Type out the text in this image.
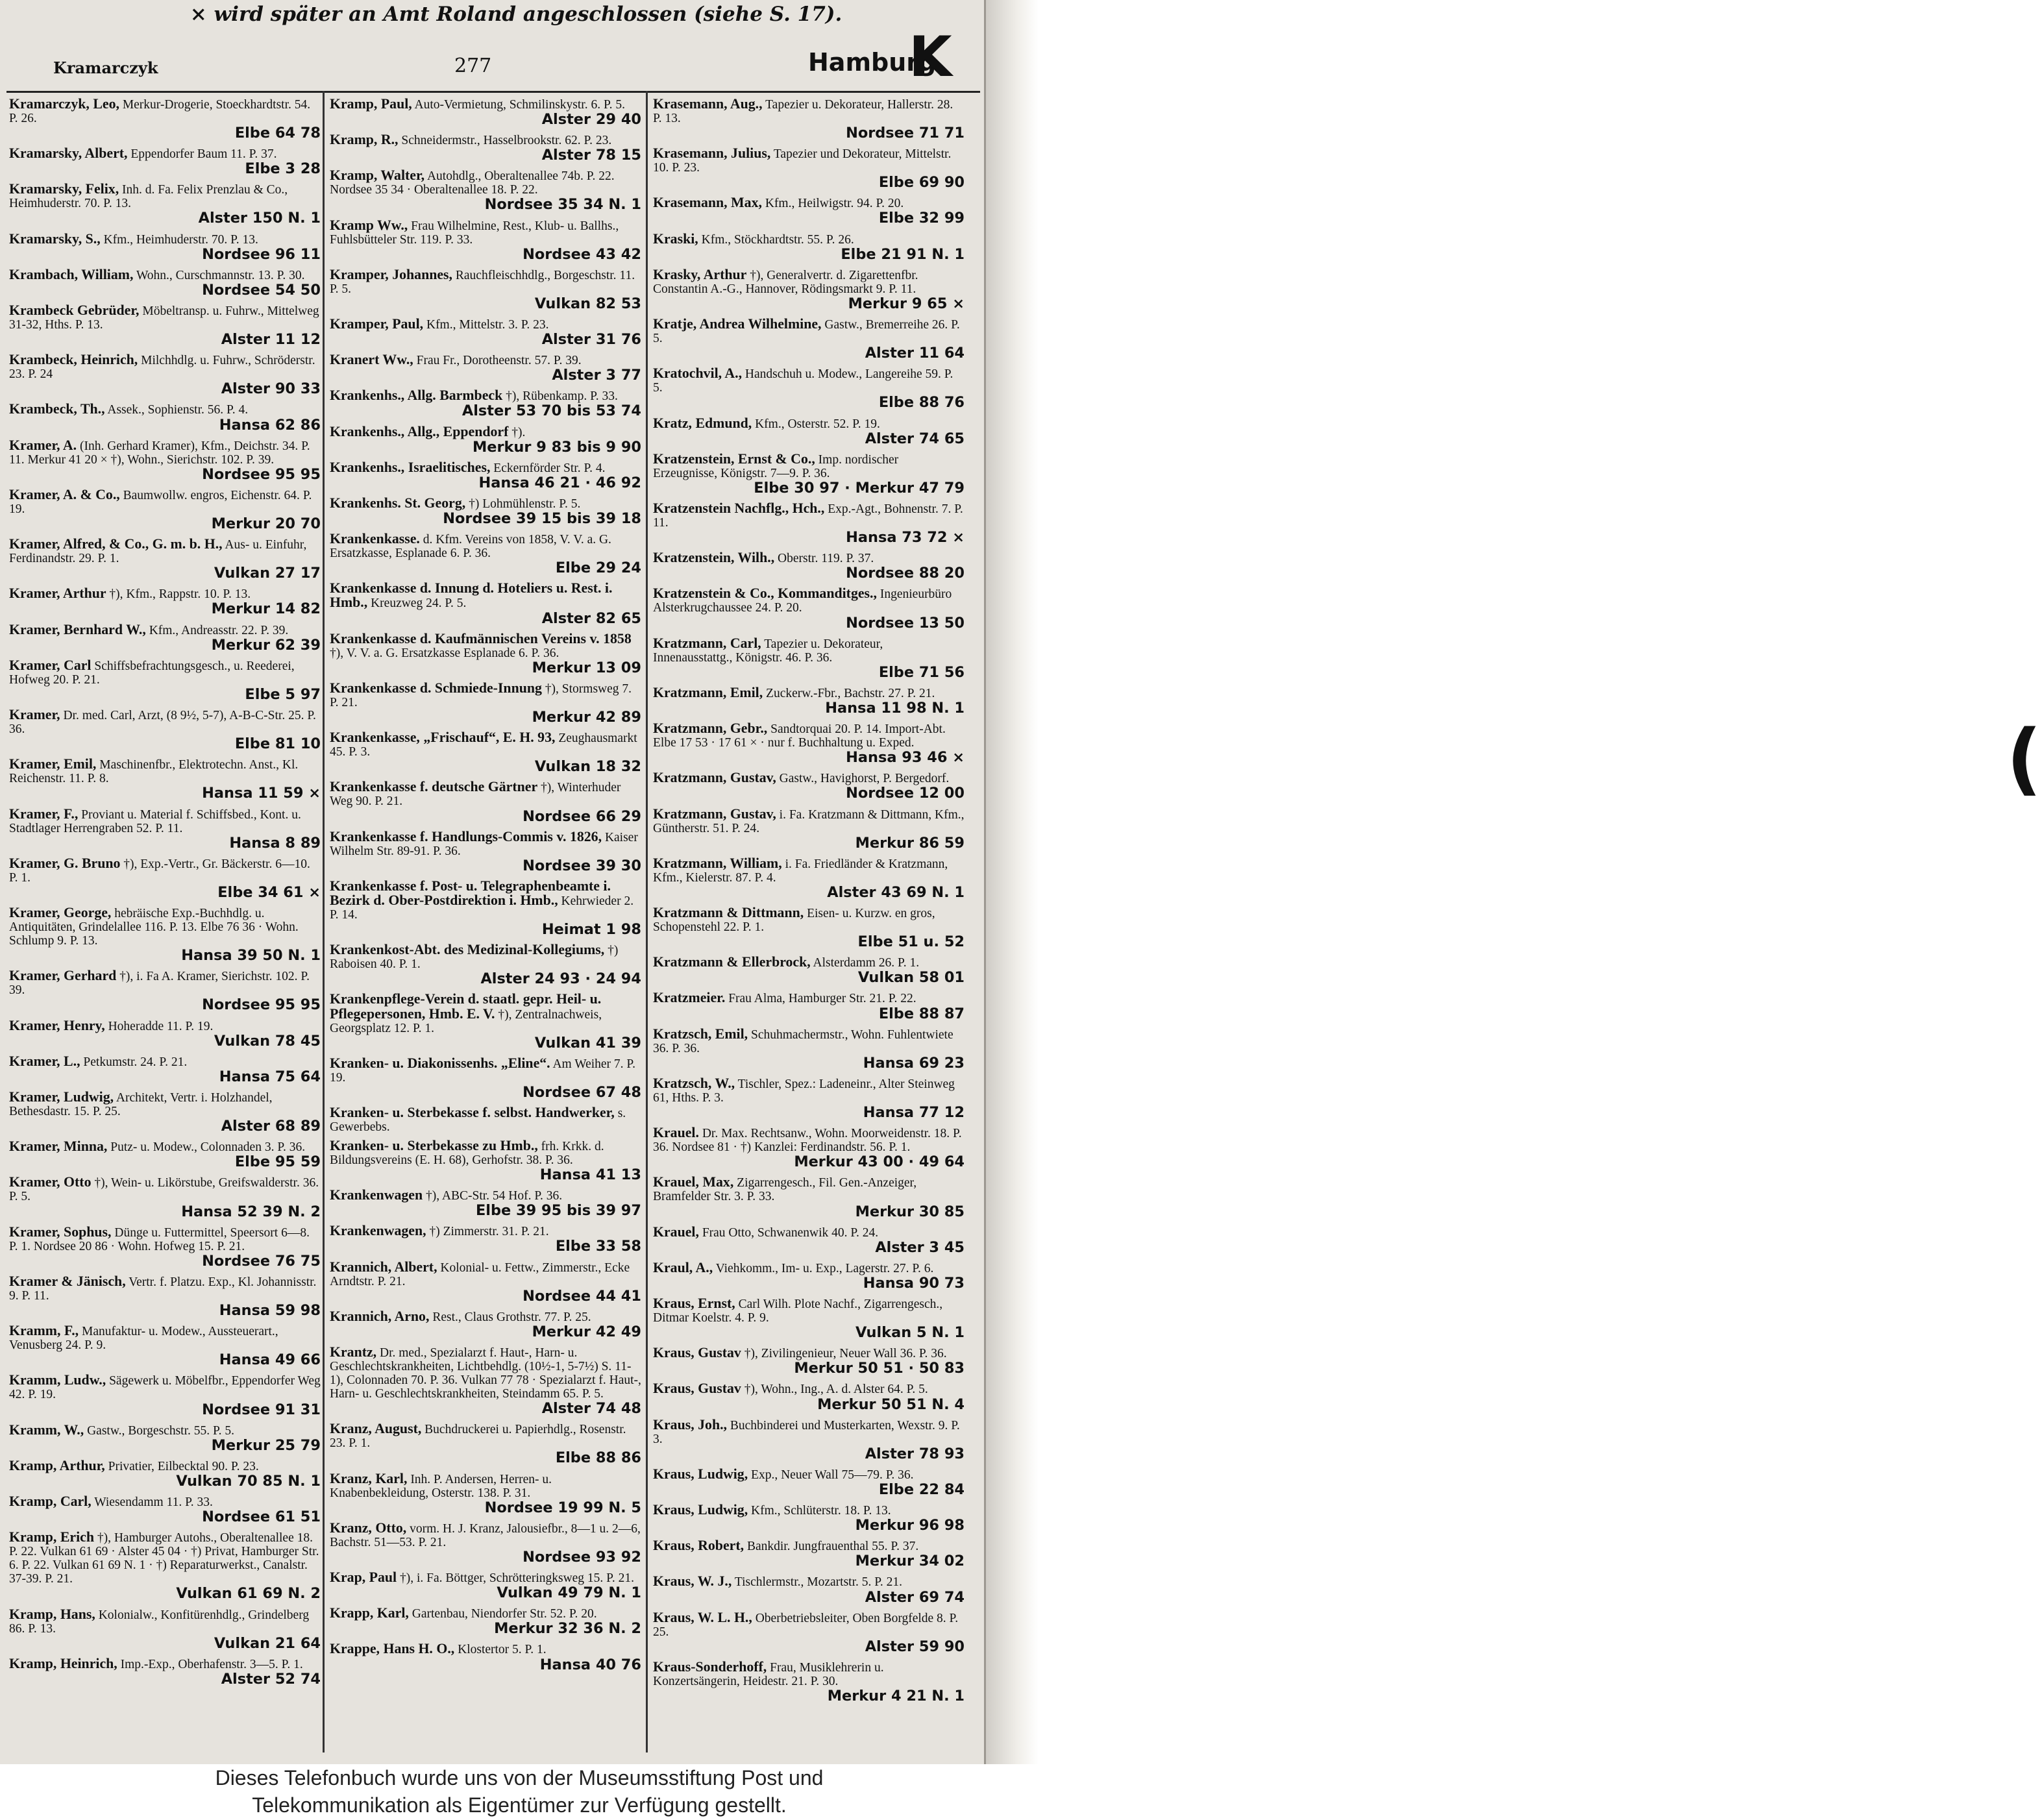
× wird später an Amt Roland angeschlossen (siehe S. 17).
Kramarczyk	277	Hamburg
K

Kramarczyk, Leo, Merkur-Drogerie, Stoeckhardtstr. 54. P. 26.
Elbe 64 78

Kramarsky, Albert, Eppendorfer Baum 11. P. 37.
Elbe 3 28

Kramarsky, Felix, Inh. d. Fa. Felix Prenzlau & Co., Heimhuderstr. 70. P. 13.
Alster 150 N. 1

Kramarsky, S., Kfm., Heimhuderstr. 70. P. 13.
Nordsee 96 11

Krambach, William, Wohn., Curschmannstr. 13. P. 30.
Nordsee 54 50

Krambeck Gebrüder, Möbeltransp. u. Fuhrw., Mittelweg 31-32, Hths. P. 13.
Alster 11 12

Krambeck, Heinrich, Milchhdlg. u. Fuhrw., Schröderstr. 23. P. 24
Alster 90 33

Krambeck, Th., Assek., Sophienstr. 56. P. 4.
Hansa 62 86

Kramer, A. (Inh. Gerhard Kramer), Kfm., Deichstr. 34. P. 11. Merkur 41 20 × †), Wohn., Sierichstr. 102. P. 39.
Nordsee 95 95

Kramer, A. & Co., Baumwollw. engros, Eichenstr. 64. P. 19.
Merkur 20 70

Kramer, Alfred, & Co., G. m. b. H., Aus- u. Einfuhr, Ferdinandstr. 29. P. 1.
Vulkan 27 17

Kramer, Arthur †), Kfm., Rappstr. 10. P. 13.
Merkur 14 82

Kramer, Bernhard W., Kfm., Andreasstr. 22. P. 39.
Merkur 62 39

Kramer, Carl Schiffsbefrachtungsgesch., u. Reederei, Hofweg 20. P. 21.
Elbe 5 97

Kramer, Dr. med. Carl, Arzt, (8 9½, 5-7), A-B-C-Str. 25. P. 36.
Elbe 81 10

Kramer, Emil, Maschinenfbr., Elektrotechn. Anst., Kl. Reichenstr. 11. P. 8.
Hansa 11 59 ×

Kramer, F., Proviant u. Material f. Schiffsbed., Kont. u. Stadtlager Herrengraben 52. P. 11.
Hansa 8 89

Kramer, G. Bruno †), Exp.-Vertr., Gr. Bäckerstr. 6—10. P. 1.
Elbe 34 61 ×

Kramer, George, hebräische Exp.-Buchhdlg. u. Antiquitäten, Grindelallee 116. P. 13. Elbe 76 36 · Wohn. Schlump 9. P. 13.
Hansa 39 50 N. 1

Kramer, Gerhard †), i. Fa A. Kramer, Sierichstr. 102. P. 39.
Nordsee 95 95

Kramer, Henry, Hoheradde 11. P. 19.
Vulkan 78 45

Kramer, L., Petkumstr. 24. P. 21.
Hansa 75 64

Kramer, Ludwig, Architekt, Vertr. i. Holzhandel, Bethesdastr. 15. P. 25.
Alster 68 89

Kramer, Minna, Putz- u. Modew., Colonnaden 3. P. 36.
Elbe 95 59

Kramer, Otto †), Wein- u. Likörstube, Greifswalderstr. 36. P. 5.
Hansa 52 39 N. 2

Kramer, Sophus, Dünge u. Futtermittel, Speersort 6—8. P. 1. Nordsee 20 86 · Wohn. Hofweg 15. P. 21.
Nordsee 76 75

Kramer & Jänisch, Vertr. f. Platzu. Exp., Kl. Johannisstr. 9. P. 11.
Hansa 59 98

Kramm, F., Manufaktur- u. Modew., Aussteuerart., Venusberg 24. P. 9.
Hansa 49 66

Kramm, Ludw., Sägewerk u. Möbelfbr., Eppendorfer Weg 42. P. 19.
Nordsee 91 31

Kramm, W., Gastw., Borgeschstr. 55. P. 5.
Merkur 25 79

Kramp, Arthur, Privatier, Eilbecktal 90. P. 23.
Vulkan 70 85 N. 1

Kramp, Carl, Wiesendamm 11. P. 33.
Nordsee 61 51

Kramp, Erich †), Hamburger Autohs., Oberaltenallee 18. P. 22. Vulkan 61 69 · Alster 45 04 · †) Privat, Hamburger Str. 6. P. 22. Vulkan 61 69 N. 1 · †) Reparaturwerkst., Canalstr. 37-39. P. 21.
Vulkan 61 69 N. 2

Kramp, Hans, Kolonialw., Konfitürenhdlg., Grindelberg 86. P. 13.
Vulkan 21 64

Kramp, Heinrich, Imp.-Exp., Oberhafenstr. 3—5. P. 1.
Alster 52 74

Kramp, Paul, Auto-Vermietung, Schmilinskystr. 6. P. 5.
Alster 29 40

Kramp, R., Schneidermstr., Hasselbrookstr. 62. P. 23.
Alster 78 15

Kramp, Walter, Autohdlg., Oberaltenallee 74b. P. 22. Nordsee 35 34 · Oberaltenallee 18. P. 22.
Nordsee 35 34 N. 1

Kramp Ww., Frau Wilhelmine, Rest., Klub- u. Ballhs., Fuhlsbütteler Str. 119. P. 33.
Nordsee 43 42

Kramper, Johannes, Rauchfleischhdlg., Borgeschstr. 11. P. 5.
Vulkan 82 53

Kramper, Paul, Kfm., Mittelstr. 3. P. 23.
Alster 31 76

Kranert Ww., Frau Fr., Dorotheenstr. 57. P. 39.
Alster 3 77

Krankenhs., Allg. Barmbeck †), Rübenkamp. P. 33.
Alster 53 70 bis 53 74

Krankenhs., Allg., Eppendorf †).
Merkur 9 83 bis 9 90

Krankenhs., Israelitisches, Eckernförder Str. P. 4.
Hansa 46 21 · 46 92

Krankenhs. St. Georg, †) Lohmühlenstr. P. 5.
Nordsee 39 15 bis 39 18

Krankenkasse. d. Kfm. Vereins von 1858, V. V. a. G. Ersatzkasse, Esplanade 6. P. 36.
Elbe 29 24

Krankenkasse d. Innung d. Hoteliers u. Rest. i. Hmb., Kreuzweg 24. P. 5.
Alster 82 65

Krankenkasse d. Kaufmännischen Vereins v. 1858 †), V. V. a. G. Ersatzkasse Esplanade 6. P. 36.
Merkur 13 09

Krankenkasse d. Schmiede-Innung †), Stormsweg 7. P. 21.
Merkur 42 89

Krankenkasse, „Frischauf“, E. H. 93, Zeughausmarkt 45. P. 3.
Vulkan 18 32

Krankenkasse f. deutsche Gärtner †), Winterhuder Weg 90. P. 21.
Nordsee 66 29

Krankenkasse f. Handlungs-Commis v. 1826, Kaiser Wilhelm Str. 89-91. P. 36.
Nordsee 39 30

Krankenkasse f. Post- u. Telegraphenbeamte i. Bezirk d. Ober-Postdirektion i. Hmb., Kehrwieder 2. P. 14.
Heimat 1 98

Krankenkost-Abt. des Medizinal-Kollegiums, †) Raboisen 40. P. 1.
Alster 24 93 · 24 94

Krankenpflege-Verein d. staatl. gepr. Heil- u. Pflegepersonen, Hmb. E. V. †), Zentralnachweis, Georgsplatz 12. P. 1.
Vulkan 41 39

Kranken- u. Diakonissenhs. „Eline“. Am Weiher 7. P. 19.
Nordsee 67 48

Kranken- u. Sterbekasse f. selbst. Handwerker, s. Gewerbebs.

Kranken- u. Sterbekasse zu Hmb., frh. Krkk. d. Bildungsvereins (E. H. 68), Gerhofstr. 38. P. 36.
Hansa 41 13

Krankenwagen †), ABC-Str. 54 Hof. P. 36.
Elbe 39 95 bis 39 97

Krankenwagen, †) Zimmerstr. 31. P. 21.
Elbe 33 58

Krannich, Albert, Kolonial- u. Fettw., Zimmerstr., Ecke Arndtstr. P. 21.
Nordsee 44 41

Krannich, Arno, Rest., Claus Grothstr. 77. P. 25.
Merkur 42 49

Krantz, Dr. med., Spezialarzt f. Haut-, Harn- u. Geschlechtskrankheiten, Lichtbehdlg. (10½-1, 5-7½) S. 11-1), Colonnaden 70. P. 36. Vulkan 77 78 · Spezialarzt f. Haut-, Harn- u. Geschlechtskrankheiten, Steindamm 65. P. 5.
Alster 74 48

Kranz, August, Buchdruckerei u. Papierhdlg., Rosenstr. 23. P. 1.
Elbe 88 86

Kranz, Karl, Inh. P. Andersen, Herren- u. Knabenbekleidung, Osterstr. 138. P. 31.
Nordsee 19 99 N. 5

Kranz, Otto, vorm. H. J. Kranz, Jalousiefbr., 8—1 u. 2—6, Bachstr. 51—53. P. 21.
Nordsee 93 92

Krap, Paul †), i. Fa. Böttger, Schrötteringksweg 15. P. 21.
Vulkan 49 79 N. 1

Krapp, Karl, Gartenbau, Niendorfer Str. 52. P. 20.
Merkur 32 36 N. 2

Krappe, Hans H. O., Klostertor 5. P. 1.
Hansa 40 76

Krasemann, Aug., Tapezier u. Dekorateur, Hallerstr. 28. P. 13.
Nordsee 71 71

Krasemann, Julius, Tapezier und Dekorateur, Mittelstr. 10. P. 23.
Elbe 69 90

Krasemann, Max, Kfm., Heilwigstr. 94. P. 20.
Elbe 32 99

Kraski, Kfm., Stöckhardtstr. 55. P. 26.
Elbe 21 91 N. 1

Krasky, Arthur †), Generalvertr. d. Zigarettenfbr. Constantin A.-G., Hannover, Rödingsmarkt 9. P. 11.
Merkur 9 65 ×

Kratje, Andrea Wilhelmine, Gastw., Bremerreihe 26. P. 5.
Alster 11 64

Kratochvil, A., Handschuh u. Modew., Langereihe 59. P. 5.
Elbe 88 76

Kratz, Edmund, Kfm., Osterstr. 52. P. 19.
Alster 74 65

Kratzenstein, Ernst & Co., Imp. nordischer Erzeugnisse, Königstr. 7—9. P. 36.
Elbe 30 97 · Merkur 47 79

Kratzenstein Nachflg., Hch., Exp.-Agt., Bohnenstr. 7. P. 11.
Hansa 73 72 ×

Kratzenstein, Wilh., Oberstr. 119. P. 37.
Nordsee 88 20

Kratzenstein & Co., Kommanditges., Ingenieurbüro Alsterkrugchaussee 24. P. 20.
Nordsee 13 50

Kratzmann, Carl, Tapezier u. Dekorateur, Innenausstattg., Königstr. 46. P. 36.
Elbe 71 56

Kratzmann, Emil, Zuckerw.-Fbr., Bachstr. 27. P. 21.
Hansa 11 98 N. 1

Kratzmann, Gebr., Sandtorquai 20. P. 14. Import-Abt. Elbe 17 53 · 17 61 × · nur f. Buchhaltung u. Exped.
Hansa 93 46 ×

Kratzmann, Gustav, Gastw., Havighorst, P. Bergedorf.
Nordsee 12 00

Kratzmann, Gustav, i. Fa. Kratzmann & Dittmann, Kfm., Güntherstr. 51. P. 24.
Merkur 86 59

Kratzmann, William, i. Fa. Friedländer & Kratzmann, Kfm., Kielerstr. 87. P. 4.
Alster 43 69 N. 1

Kratzmann & Dittmann, Eisen- u. Kurzw. en gros, Schopenstehl 22. P. 1.
Elbe 51 u. 52

Kratzmann & Ellerbrock, Alsterdamm 26. P. 1.
Vulkan 58 01

Kratzmeier. Frau Alma, Hamburger Str. 21. P. 22.
Elbe 88 87

Kratzsch, Emil, Schuhmachermstr., Wohn. Fuhlentwiete 36. P. 36.
Hansa 69 23

Kratzsch, W., Tischler, Spez.: Ladeneinr., Alter Steinweg 61, Hths. P. 3.
Hansa 77 12

Krauel. Dr. Max. Rechtsanw., Wohn. Moorweidenstr. 18. P. 36. Nordsee 81 · †) Kanzlei: Ferdinandstr. 56. P. 1.
Merkur 43 00 · 49 64

Krauel, Max, Zigarrengesch., Fil. Gen.-Anzeiger, Bramfelder Str. 3. P. 33.
Merkur 30 85

Krauel, Frau Otto, Schwanenwik 40. P. 24.
Alster 3 45

Kraul, A., Viehkomm., Im- u. Exp., Lagerstr. 27. P. 6.
Hansa 90 73

Kraus, Ernst, Carl Wilh. Plote Nachf., Zigarrengesch., Ditmar Koelstr. 4. P. 9.
Vulkan 5 N. 1

Kraus, Gustav †), Zivilingenieur, Neuer Wall 36. P. 36.
Merkur 50 51 · 50 83

Kraus, Gustav †), Wohn., Ing., A. d. Alster 64. P. 5.
Merkur 50 51 N. 4

Kraus, Joh., Buchbinderei und Musterkarten, Wexstr. 9. P. 3.
Alster 78 93

Kraus, Ludwig, Exp., Neuer Wall 75—79. P. 36.
Elbe 22 84

Kraus, Ludwig, Kfm., Schlüterstr. 18. P. 13.
Merkur 96 98

Kraus, Robert, Bankdir. Jungfrauenthal 55. P. 37.
Merkur 34 02

Kraus, W. J., Tischlermstr., Mozartstr. 5. P. 21.
Alster 69 74

Kraus, W. L. H., Oberbetriebsleiter, Oben Borgfelde 8. P. 25.
Alster 59 90

Kraus-Sonderhoff, Frau, Musiklehrerin u. Konzertsängerin, Heidestr. 21. P. 30.
Merkur 4 21 N. 1

(

Dieses Telefonbuch wurde uns von der Museumsstiftung Post und

Telekommunikation als Eigentümer zur Verfügung gestellt.
